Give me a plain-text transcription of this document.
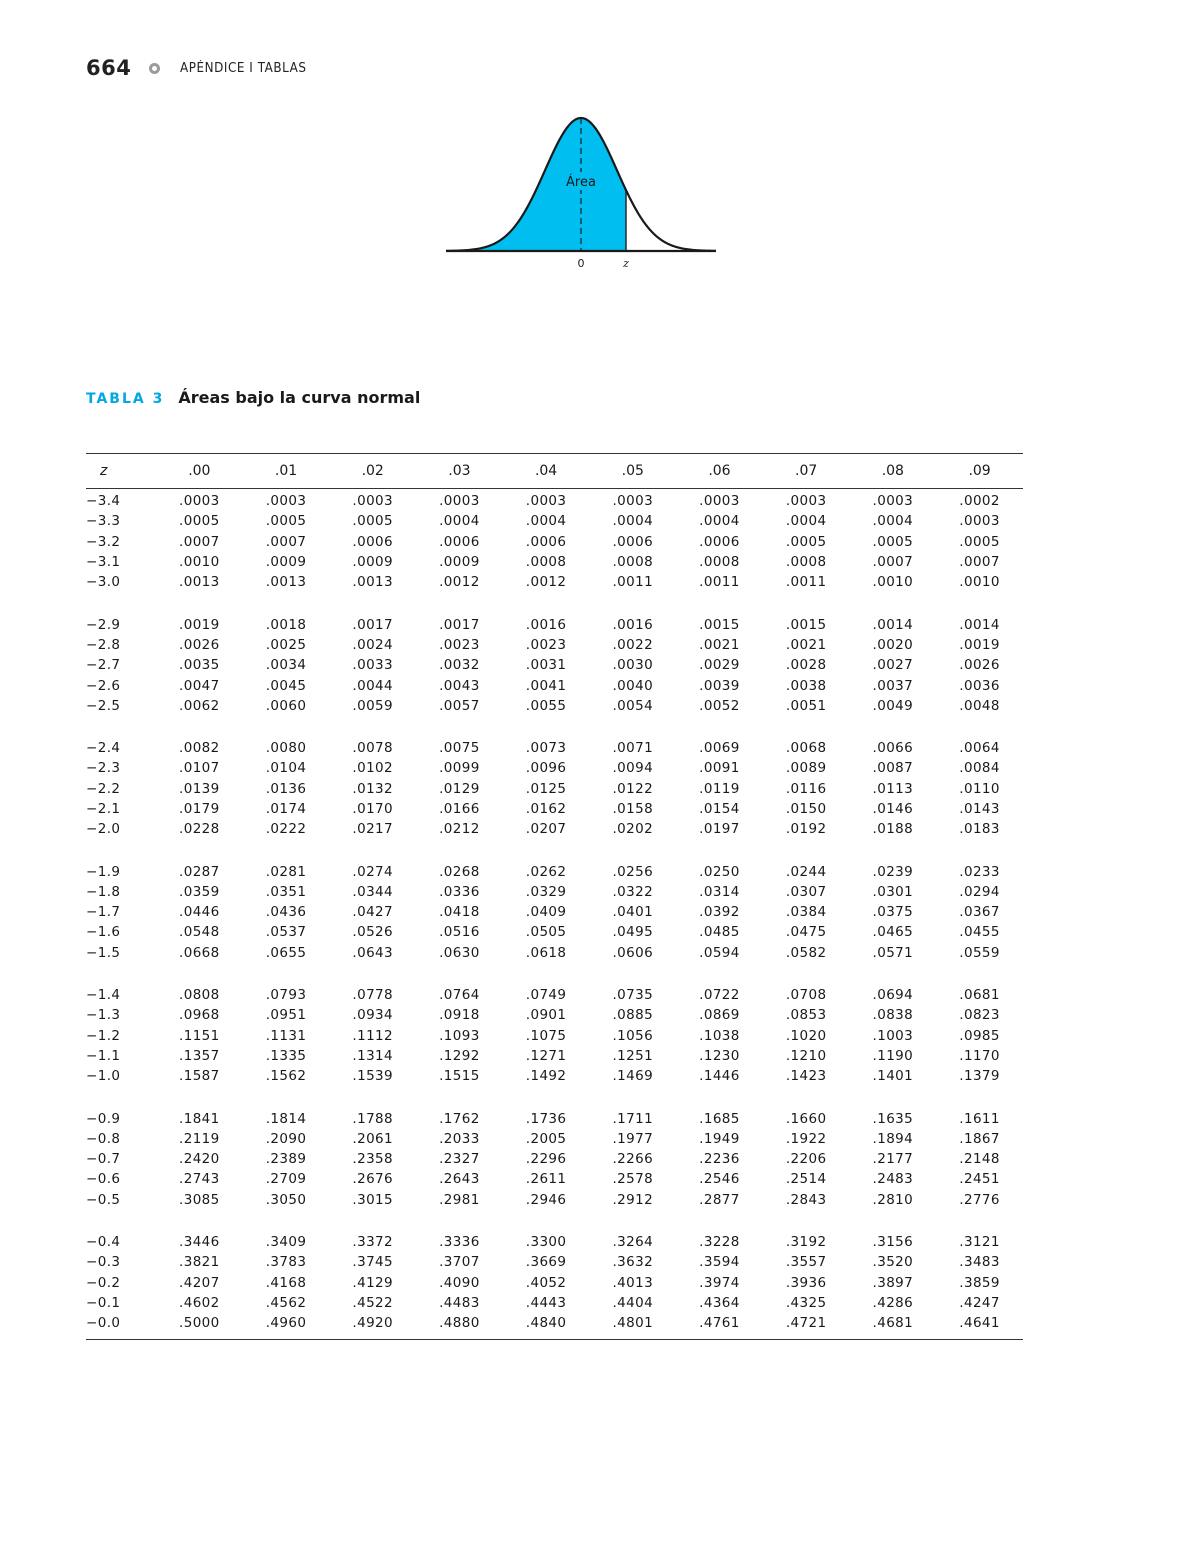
664	APÉNDICE I TABLAS
Área
0	z
TABLA 3 Áreas bajo la curva normal
z	.00	.01	.02	.03	.04	.05	.06	.07	.08	.09
−3.4	.0003	.0003	.0003	.0003	.0003	.0003	.0003	.0003	.0003	.0002
−3.3	.0005	.0005	.0005	.0004	.0004	.0004	.0004	.0004	.0004	.0003
−3.2	.0007	.0007	.0006	.0006	.0006	.0006	.0006	.0005	.0005	.0005
−3.1	.0010	.0009	.0009	.0009	.0008	.0008	.0008	.0008	.0007	.0007
−3.0	.0013	.0013	.0013	.0012	.0012	.0011	.0011	.0011	.0010	.0010

−2.9	.0019	.0018	.0017	.0017	.0016	.0016	.0015	.0015	.0014	.0014
−2.8	.0026	.0025	.0024	.0023	.0023	.0022	.0021	.0021	.0020	.0019
−2.7	.0035	.0034	.0033	.0032	.0031	.0030	.0029	.0028	.0027	.0026
−2.6	.0047	.0045	.0044	.0043	.0041	.0040	.0039	.0038	.0037	.0036
−2.5	.0062	.0060	.0059	.0057	.0055	.0054	.0052	.0051	.0049	.0048

−2.4	.0082	.0080	.0078	.0075	.0073	.0071	.0069	.0068	.0066	.0064
−2.3	.0107	.0104	.0102	.0099	.0096	.0094	.0091	.0089	.0087	.0084
−2.2	.0139	.0136	.0132	.0129	.0125	.0122	.0119	.0116	.0113	.0110
−2.1	.0179	.0174	.0170	.0166	.0162	.0158	.0154	.0150	.0146	.0143
−2.0	.0228	.0222	.0217	.0212	.0207	.0202	.0197	.0192	.0188	.0183

−1.9	.0287	.0281	.0274	.0268	.0262	.0256	.0250	.0244	.0239	.0233
−1.8	.0359	.0351	.0344	.0336	.0329	.0322	.0314	.0307	.0301	.0294
−1.7	.0446	.0436	.0427	.0418	.0409	.0401	.0392	.0384	.0375	.0367
−1.6	.0548	.0537	.0526	.0516	.0505	.0495	.0485	.0475	.0465	.0455
−1.5	.0668	.0655	.0643	.0630	.0618	.0606	.0594	.0582	.0571	.0559

−1.4	.0808	.0793	.0778	.0764	.0749	.0735	.0722	.0708	.0694	.0681
−1.3	.0968	.0951	.0934	.0918	.0901	.0885	.0869	.0853	.0838	.0823
−1.2	.1151	.1131	.1112	.1093	.1075	.1056	.1038	.1020	.1003	.0985
−1.1	.1357	.1335	.1314	.1292	.1271	.1251	.1230	.1210	.1190	.1170
−1.0	.1587	.1562	.1539	.1515	.1492	.1469	.1446	.1423	.1401	.1379

−0.9	.1841	.1814	.1788	.1762	.1736	.1711	.1685	.1660	.1635	.1611
−0.8	.2119	.2090	.2061	.2033	.2005	.1977	.1949	.1922	.1894	.1867
−0.7	.2420	.2389	.2358	.2327	.2296	.2266	.2236	.2206	.2177	.2148
−0.6	.2743	.2709	.2676	.2643	.2611	.2578	.2546	.2514	.2483	.2451
−0.5	.3085	.3050	.3015	.2981	.2946	.2912	.2877	.2843	.2810	.2776

−0.4	.3446	.3409	.3372	.3336	.3300	.3264	.3228	.3192	.3156	.3121
−0.3	.3821	.3783	.3745	.3707	.3669	.3632	.3594	.3557	.3520	.3483
−0.2	.4207	.4168	.4129	.4090	.4052	.4013	.3974	.3936	.3897	.3859
−0.1	.4602	.4562	.4522	.4483	.4443	.4404	.4364	.4325	.4286	.4247
−0.0	.5000	.4960	.4920	.4880	.4840	.4801	.4761	.4721	.4681	.4641
